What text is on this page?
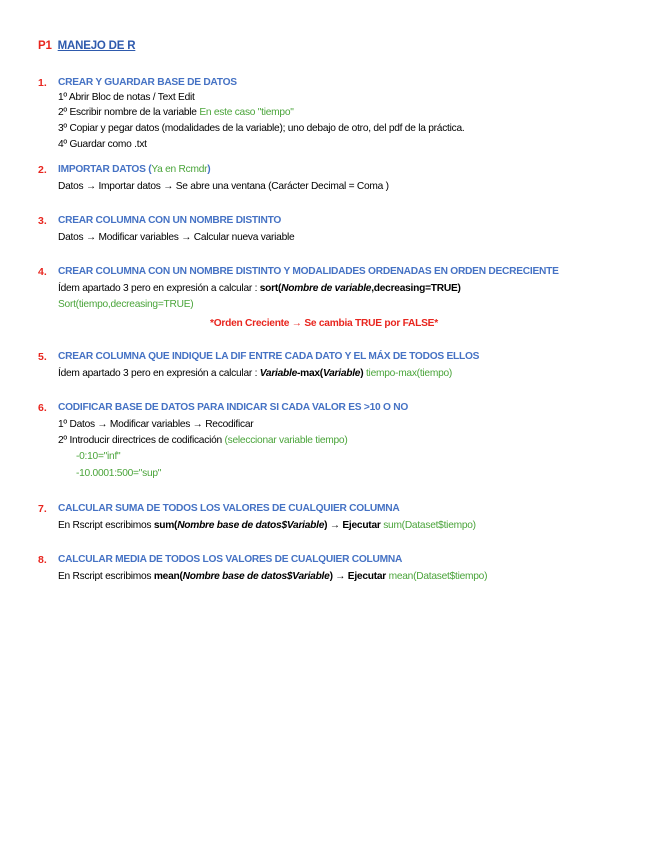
P1 MANEJO DE R
1. CREAR Y GUARDAR BASE DE DATOS
1º Abrir Bloc de notas / Text Edit
2º Escribir nombre de la variable En este caso "tiempo"
3º Copiar y pegar datos (modalidades de la variable); uno debajo de otro, del pdf de la práctica.
4º Guardar como .txt
2. IMPORTAR DATOS (Ya en Rcmdr)
Datos → Importar datos → Se abre una ventana (Carácter Decimal = Coma )
3. CREAR COLUMNA CON UN NOMBRE DISTINTO
Datos → Modificar variables → Calcular nueva variable
4. CREAR COLUMNA CON UN NOMBRE DISTINTO Y MODALIDADES ORDENADAS EN ORDEN DECRECIENTE
Ídem apartado 3 pero en expresión a calcular : sort(Nombre de variable,decreasing=TRUE)
Sort(tiempo,decreasing=TRUE)
*Orden Creciente → Se cambia TRUE por FALSE*
5. CREAR COLUMNA QUE INDIQUE LA DIF ENTRE CADA DATO Y EL MÁX DE TODOS ELLOS
Ídem apartado 3 pero en expresión a calcular : Variable-max(Variable) tiempo-max(tiempo)
6. CODIFICAR BASE DE DATOS PARA INDICAR SI CADA VALOR ES >10 O NO
1º Datos → Modificar variables → Recodificar
2º Introducir directrices de codificación (seleccionar variable tiempo)
-0:10="inf"
-10.0001:500="sup"
7. CALCULAR SUMA DE TODOS LOS VALORES DE CUALQUIER COLUMNA
En Rscript escribimos sum(Nombre base de datos$Variable) → Ejecutar sum(Dataset$tiempo)
8. CALCULAR MEDIA DE TODOS LOS VALORES DE CUALQUIER COLUMNA
En Rscript escribimos mean(Nombre base de datos$Variable) → Ejecutar mean(Dataset$tiempo)
